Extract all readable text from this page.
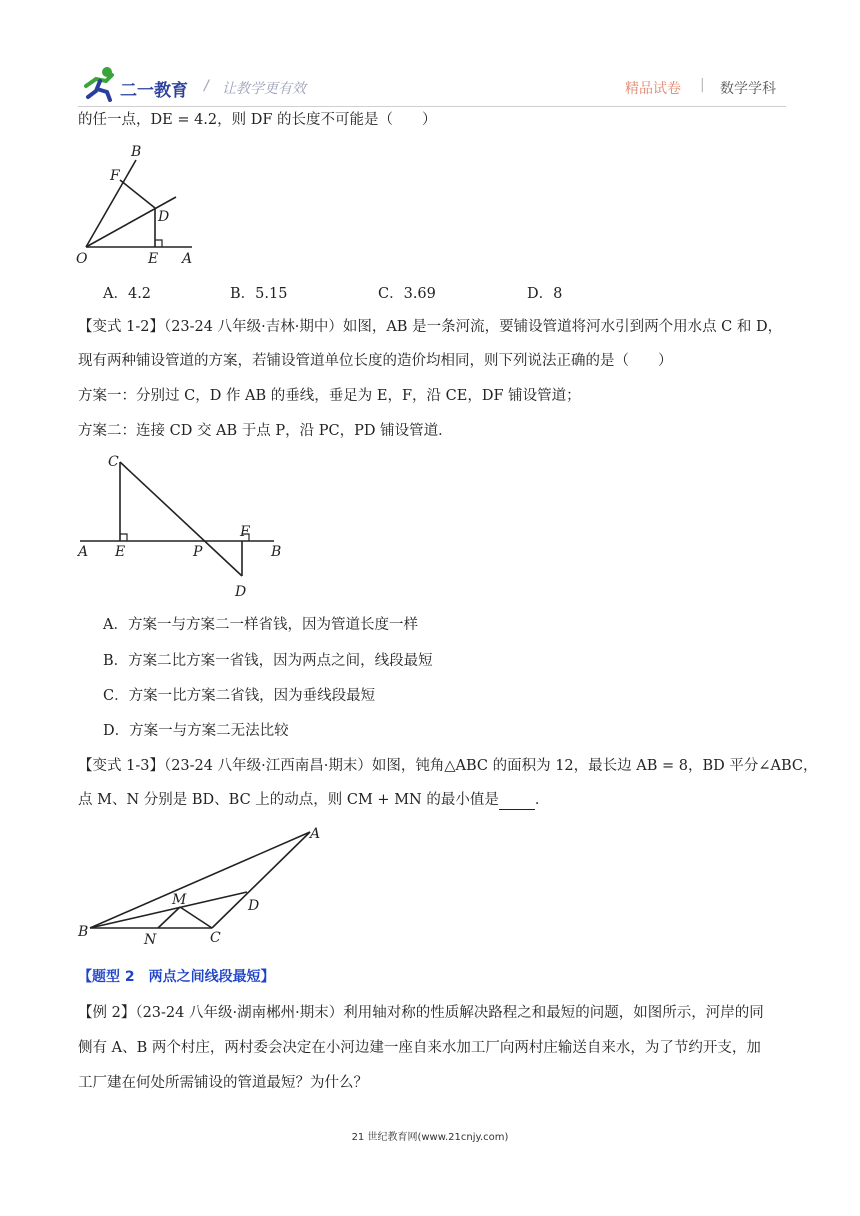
二一教育 / 让教学更有效	精品试卷 | 数学学科
的任一点，DE = 4.2，则 DF 的长度不可能是（　　）
B
F
D
O	E A
A．4.2	B．5.15	C．3.69	D．8
【变式 1-2】（23-24 八年级·吉林·期中）如图，AB 是一条河流，要铺设管道将河水引到两个用水点 C 和 D，
现有两种铺设管道的方案，若铺设管道单位长度的造价均相同，则下列说法正确的是（　　）
方案一：分别过 C，D 作 AB 的垂线，垂足为 E，F，沿 CE，DF 铺设管道；
方案二：连接 CD 交 AB 于点 P，沿 PC，PD 铺设管道．
C
F
A E	P	B
D
A．方案一与方案二一样省钱，因为管道长度一样
B．方案二比方案一省钱，因为两点之间，线段最短
C．方案一比方案二省钱，因为垂线段最短
D．方案一与方案二无法比较
【变式 1-3】（23-24 八年级·江西南昌·期末）如图，钝角△ABC 的面积为 12，最长边 AB = 8，BD 平分∠ABC，
点 M、N 分别是 BD、BC 上的动点，则 CM + MN 的最小值是 ．
A
M	D
B	N	C
【题型 2　两点之间线段最短】
【例 2】（23-24 八年级·湖南郴州·期末）利用轴对称的性质解决路程之和最短的问题，如图所示，河岸的同
侧有 A、B 两个村庄，两村委会决定在小河边建一座自来水加工厂向两村庄输送自来水，为了节约开支，加
工厂建在何处所需铺设的管道最短？为什么？
21 世纪教育网(www.21cnjy.com)
